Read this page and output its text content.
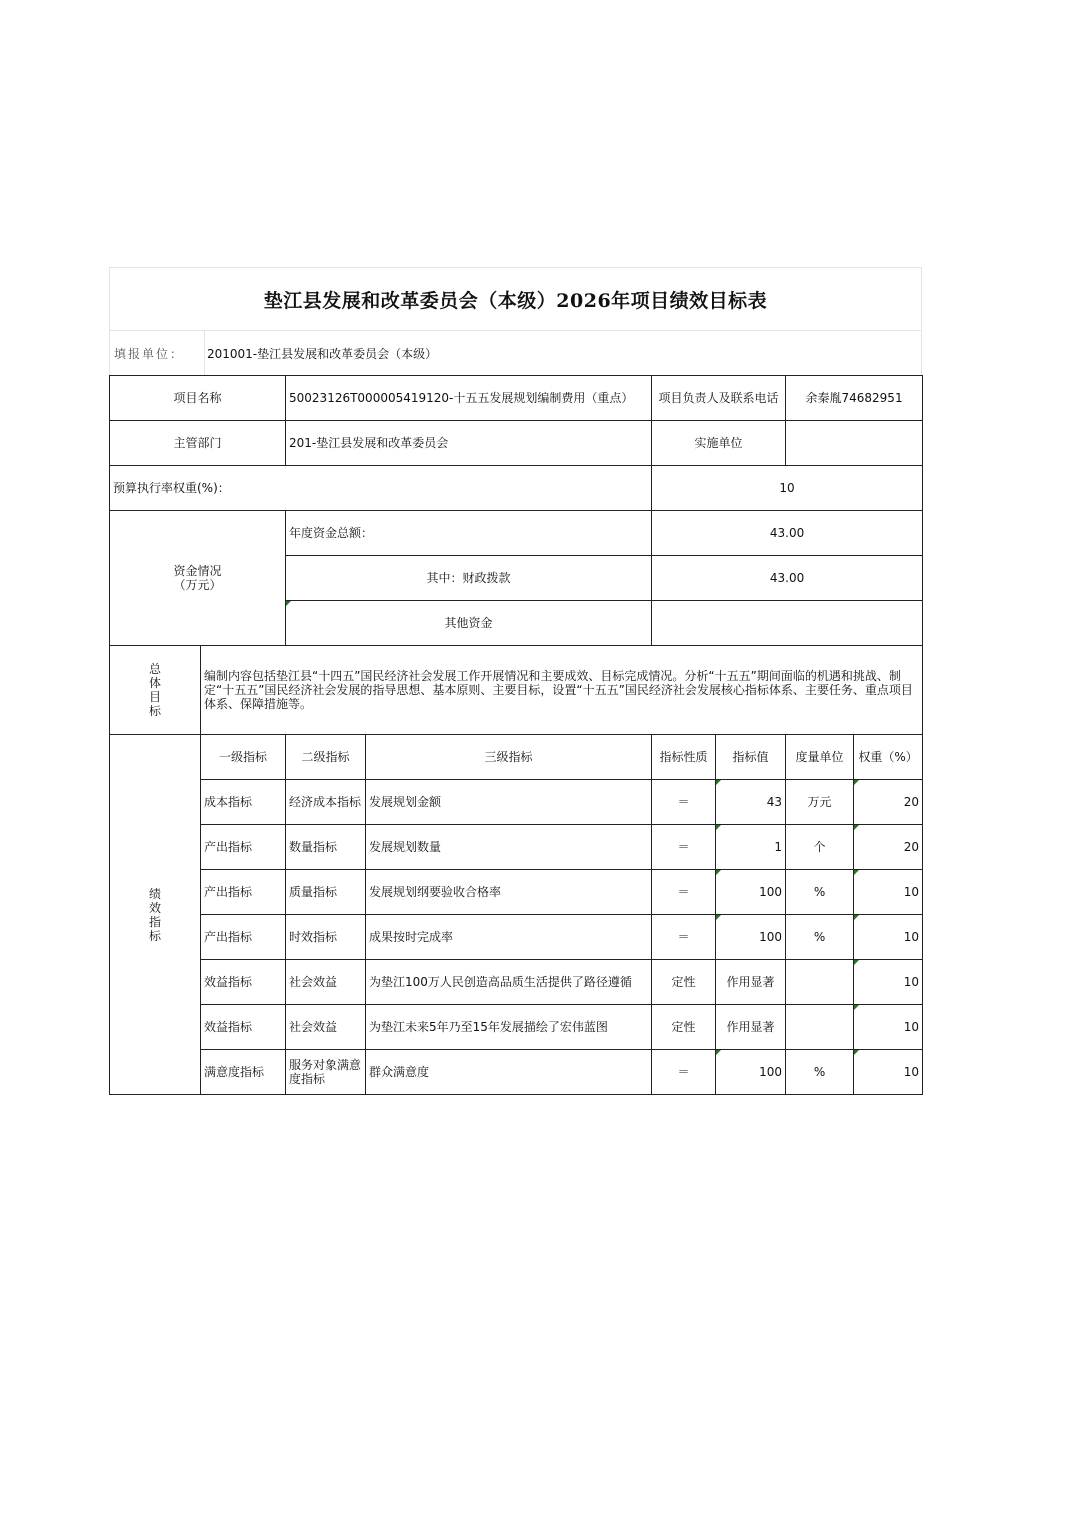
垫江县发展和改革委员会（本级）2026年项目绩效目标表
填报单位：	201001-垫江县发展和改革委员会（本级）
项目名称		50023126T000005419120-十五五发展规划编制费用（重点）		项目负责人及联系电话		余秦胤74682951	
主管部门		201-垫江县发展和改革委员会		实施单位			
预算执行率权重(%)：				10			
资金情况
（万元）		年度资金总额：		43.00			
		其中：财政拨款		43.00			
		其他资金					
总
体
目
标	编制内容包括垫江县“十四五”国民经济社会发展工作开展情况和主要成效、目标完成情况。分析“十五五”期间面临的机遇和挑战、制定“十五五”国民经济社会发展的指导思想、基本原则、主要目标，设置“十五五”国民经济社会发展核心指标体系、主要任务、重点项目体系、保障措施等。						
绩
效
指
标	一级指标	二级指标	三级指标	指标性质	指标值	度量单位	权重（%）
	成本指标	经济成本指标	发展规划金额	＝	43	万元	20
	产出指标	数量指标	发展规划数量	＝	1	个	20
	产出指标	质量指标	发展规划纲要验收合格率	＝	100	%	10
	产出指标	时效指标	成果按时完成率	＝	100	%	10
	效益指标	社会效益	为垫江100万人民创造高品质生活提供了路径遵循	定性	作用显著		10
	效益指标	社会效益	为垫江未来5年乃至15年发展描绘了宏伟蓝图	定性	作用显著		10
	满意度指标	服务对象满意度指标	群众满意度	＝	100	%	10
